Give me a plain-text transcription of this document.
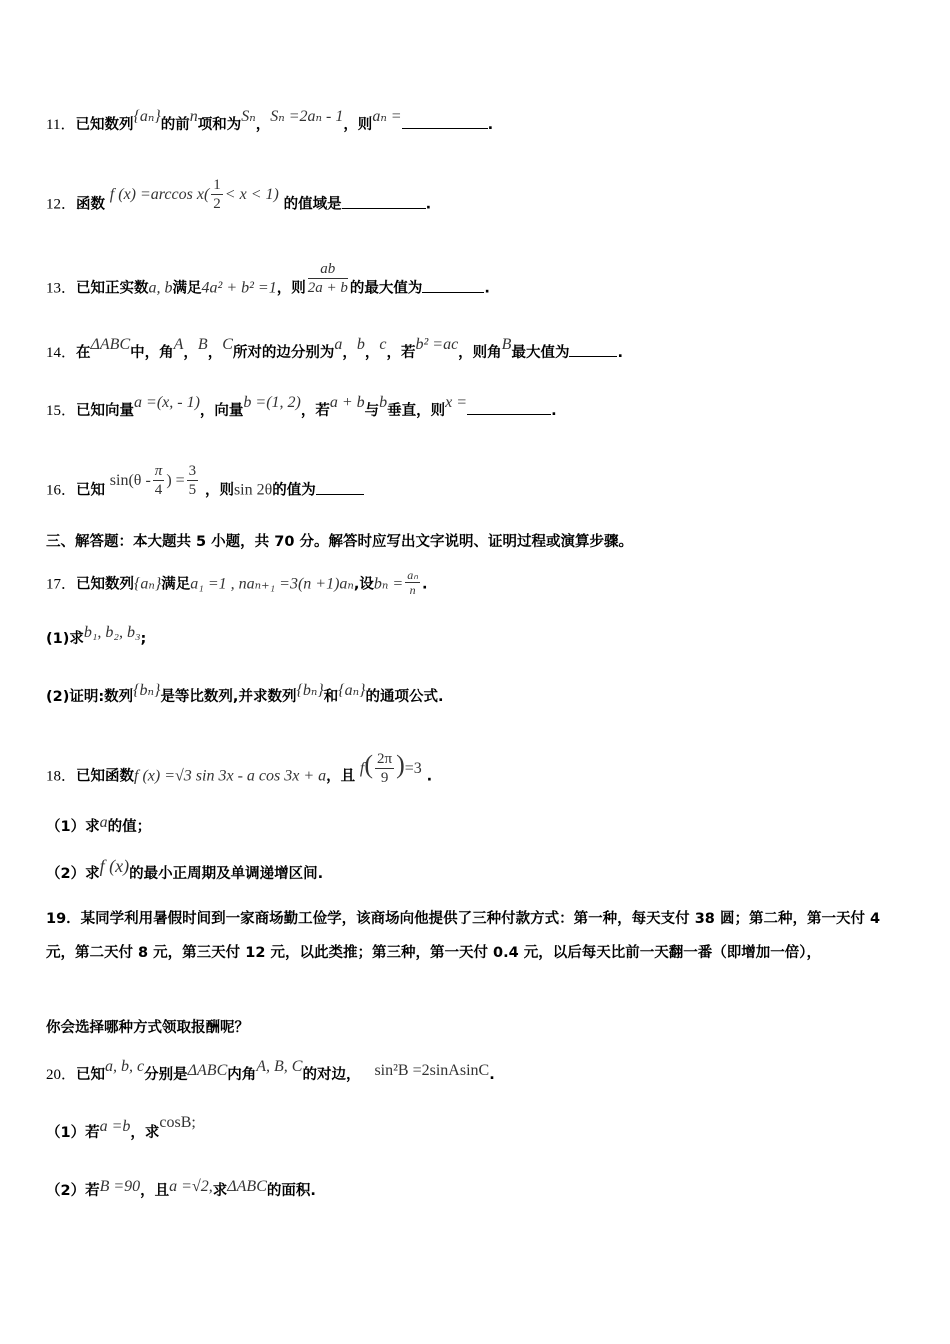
11．已知数列{aₙ}的前n项和为Sₙ，Sₙ =2aₙ - 1，则aₙ =	.
12．函数 f (x) =arccos $x( \frac{1}{2} < x < 1)$ 的值域是	.
13．已知正实数a, b满足4a² + b² =1，则 $\frac{ab}{2a + b}$ 的最大值为	.
14．在ΔABC中，角A，B，C所对的边分别为a，b，c，若b² =ac，则角B最大值为	.
15．已知向量a =(x, - 1)，向量b =(1, 2)，若a + b与b垂直，则x =	.
16．已知 $\sin(\theta - \frac{\pi}{4}$ ) = $\frac{3}{5}$ ，则sin 2θ的值为
三、解答题：本大题共 5 小题，共 70 分。解答时应写出文字说明、证明过程或演算步骤。
17．已知数列{aₙ}满足a₁ =1 , naₙ₊₁ =3(n +1)aₙ,设$b_n = \frac{\text{aₙ}}{n}$ .
(1)求b₁, b₂, b₃;
(2)证明:数列{bₙ}是等比数列,并求数列{bₙ}和{aₙ}的通项公式.
18．已知函数f (x) =√3 sin 3x - a cos 3x + a，且 $f( \frac{2\pi}{9} )=3$ .
（1）求a的值；
（2）求f (x)的最小正周期及单调递增区间.
19．某同学利用暑假时间到一家商场勤工俭学，该商场向他提供了三种付款方式：第一种，每天支付 38 圆；第二种，第一天付 4 元，第二天付 8 元，第三天付 12 元，以此类推；第三种，第一天付 0.4 元，以后每天比前一天翻一番（即增加一倍），
你会选择哪种方式领取报酬呢？
20．已知a, b, c分别是ΔABC内角A, B, C的对边， sin²B =2sinAsinC.
（1）若a =b，求cosB;
（2）若B =90，且a =√2,求ΔABC的面积.
